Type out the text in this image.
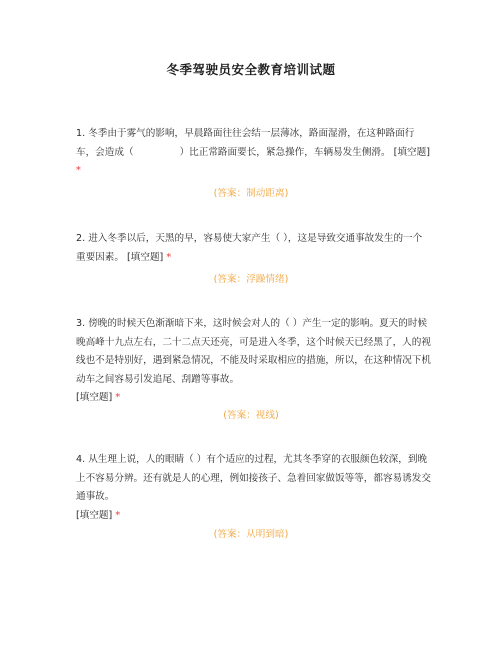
冬季驾驶员安全教育培训试题
1. 冬季由于雾气的影响，早晨路面往往会结一层薄冰，路面湿滑，在这种路面行车，会造成（	）比正常路面要长，紧急操作，车辆易发生侧滑。 [填空题] *
(答案：制动距离)
2. 进入冬季以后，天黑的早，容易使大家产生（ ），这是导致交通事故发生的一个重要因素。 [填空题] *
(答案：浮躁情绪)
3. 傍晚的时候天色渐渐暗下来，这时候会对人的（ ）产生一定的影响。夏天的时候晚高峰十九点左右，二十二点天还亮，可是进入冬季，这个时候天已经黑了，人的视线也不是特别好，遇到紧急情况，不能及时采取相应的措施，所以，在这种情况下机动车之间容易引发追尾、刮蹭等事故。
[填空题] *
(答案：视线)
4. 从生理上说，人的眼睛（ ）有个适应的过程，尤其冬季穿的衣服颜色较深，到晚上不容易分辨。还有就是人的心理，例如接孩子、急着回家做饭等等，都容易诱发交通事故。
[填空题] *
(答案：从明到暗)
